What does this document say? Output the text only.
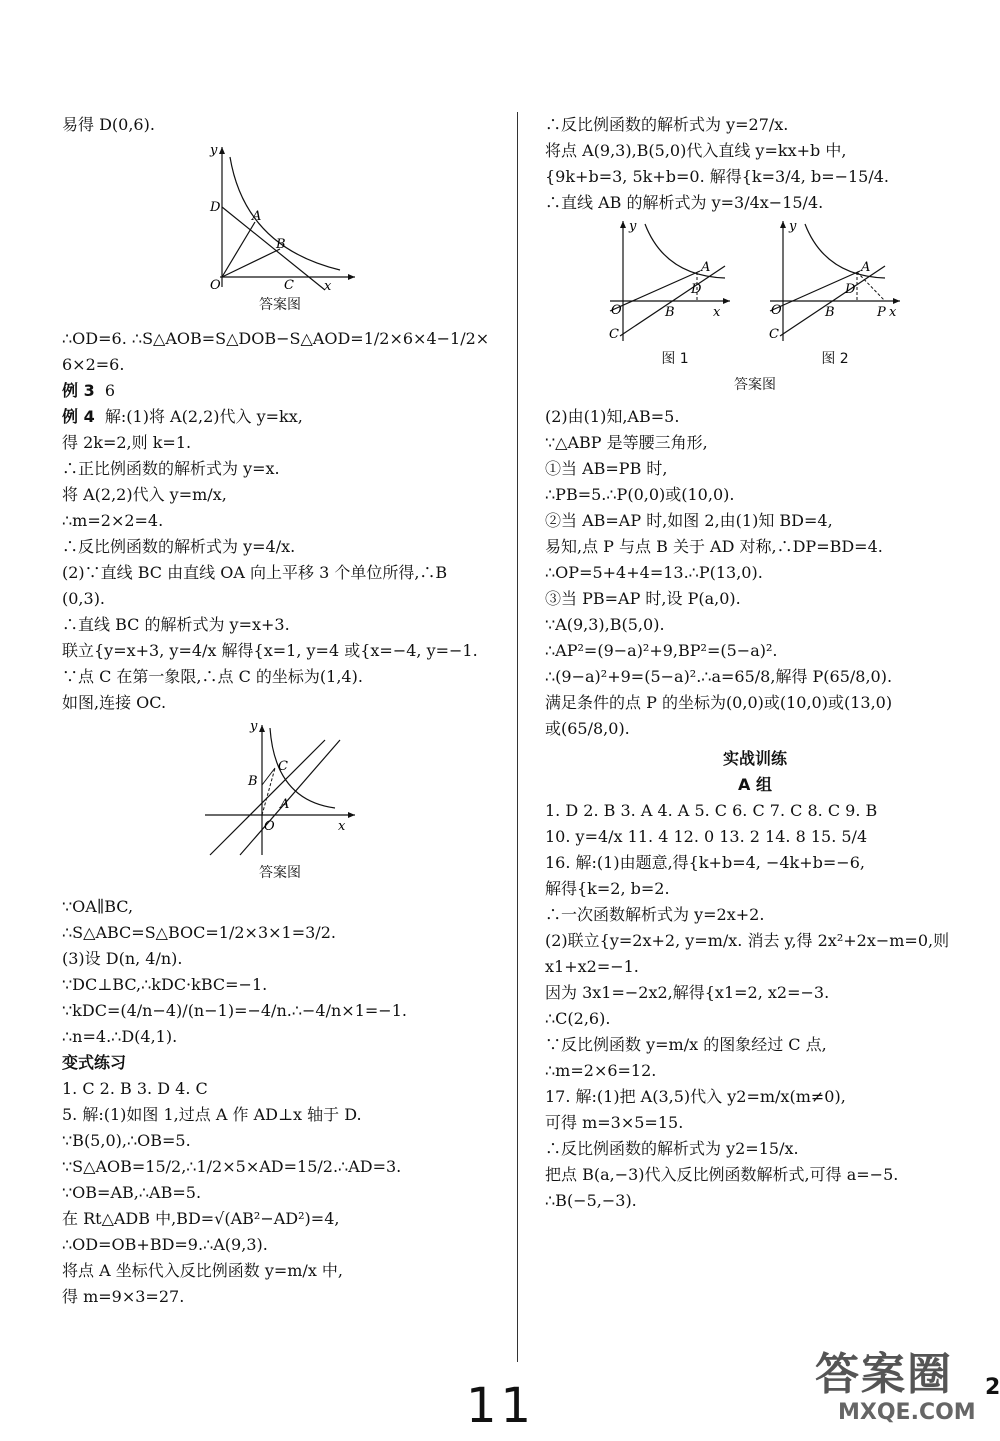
易得 D(0,6).
y
D
A
B
O	C x
答案图
∴OD=6. ∴S△AOB=S△DOB−S△AOD=1/2×6×4−1/2×
6×2=6.
例 3 6
例 4 解:(1)将 A(2,2)代入 y=kx,
得 2k=2,则 k=1.
∴正比例函数的解析式为 y=x.
将 A(2,2)代入 y=m/x,
∴m=2×2=4.
∴反比例函数的解析式为 y=4/x.
(2)∵直线 BC 由直线 OA 向上平移 3 个单位所得,∴B
(0,3).
∴直线 BC 的解析式为 y=x+3.
联立{y=x+3, y=4/x 解得{x=1, y=4 或{x=−4, y=−1.
∵点 C 在第一象限,∴点 C 的坐标为(1,4).
如图,连接 OC.
y
B
C
A
O	x
答案图
∵OA∥BC,
∴S△ABC=S△BOC=1/2×3×1=3/2.
(3)设 D(n, 4/n).
∵DC⊥BC,∴kDC·kBC=−1.
∵kDC=(4/n−4)/(n−1)=−4/n.∴−4/n×1=−1.
∴n=4.∴D(4,1).
变式练习
1. C 2. B 3. D 4. C
5. 解:(1)如图 1,过点 A 作 AD⊥x 轴于 D.
∵B(5,0),∴OB=5.
∵S△AOB=15/2,∴1/2×5×AD=15/2.∴AD=3.
∵OB=AB,∴AB=5.
在 Rt△ADB 中,BD=√(AB²−AD²)=4,
∴OD=OB+BD=9.∴A(9,3).
将点 A 坐标代入反比例函数 y=m/x 中,
得 m=9×3=27.
∴反比例函数的解析式为 y=27/x.
将点 A(9,3),B(5,0)代入直线 y=kx+b 中,
{9k+b=3, 5k+b=0. 解得{k=3/4, b=−15/4.
∴直线 AB 的解析式为 y=3/4x−15/4.
y
A
D
O	B
C
x
y
A
D
O	B
C
P x
图 1	图 2
答案图
(2)由(1)知,AB=5.
∵△ABP 是等腰三角形,
①当 AB=PB 时,
∴PB=5.∴P(0,0)或(10,0).
②当 AB=AP 时,如图 2,由(1)知 BD=4,
易知,点 P 与点 B 关于 AD 对称,∴DP=BD=4.
∴OP=5+4+4=13.∴P(13,0).
③当 PB=AP 时,设 P(a,0).
∵A(9,3),B(5,0).
∴AP²=(9−a)²+9,BP²=(5−a)².
∴(9−a)²+9=(5−a)².∴a=65/8,解得 P(65/8,0).
满足条件的点 P 的坐标为(0,0)或(10,0)或(13,0)
或(65/8,0).
实战训练
A 组
1. D 2. B 3. A 4. A 5. C 6. C 7. C 8. C 9. B
10. y=4/x 11. 4 12. 0 13. 2 14. 8 15. 5/4
16. 解:(1)由题意,得{k+b=4, −4k+b=−6,
解得{k=2, b=2.
∴一次函数解析式为 y=2x+2.
(2)联立{y=2x+2, y=m/x. 消去 y,得 2x²+2x−m=0,则
x1+x2=−1.
因为 3x1=−2x2,解得{x1=2, x2=−3.
∴C(2,6).
∵反比例函数 y=m/x 的图象经过 C 点,
∴m=2×6=12.
17. 解:(1)把 A(3,5)代入 y2=m/x(m≠0),
可得 m=3×5=15.
∴反比例函数的解析式为 y2=15/x.
把点 B(a,−3)代入反比例函数解析式,可得 a=−5.
∴B(−5,−3).
11
答案圈
MXQE.COM
2
